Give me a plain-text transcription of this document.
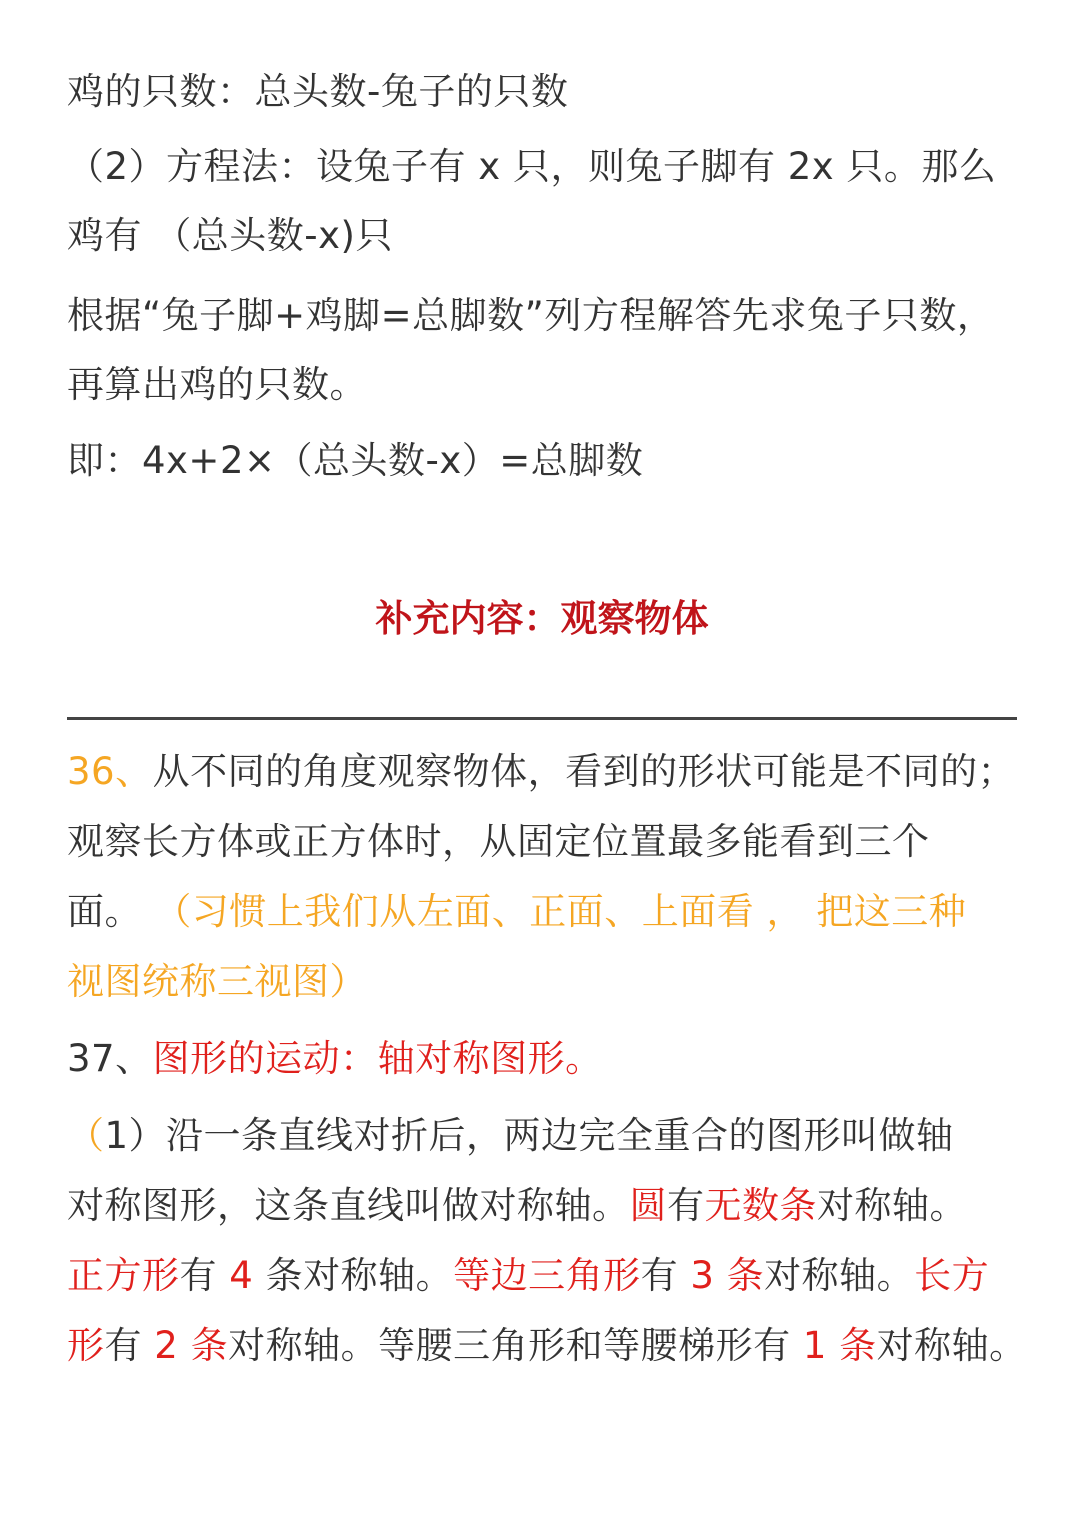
鸡的只数：总头数-兔子的只数
（2）方程法：设兔子有 x 只，则兔子脚有 2x 只。那么
鸡有 （总头数-x)只
根据“兔子脚+鸡脚=总脚数”列方程解答先求兔子只数，
再算出鸡的只数。
即：4x+2×（总头数-x）=总脚数
补充内容：观察物体
36、从不同的角度观察物体，看到的形状可能是不同的；
观察长方体或正方体时，从固定位置最多能看到三个
面。 （习惯上我们从左面、正面、上面看 ， 把这三种
视图统称三视图）
37、图形的运动：轴对称图形。
（1）沿一条直线对折后，两边完全重合的图形叫做轴
对称图形，这条直线叫做对称轴。圆有无数条对称轴。
正方形有 4 条对称轴。等边三角形有 3 条对称轴。长方
形有 2 条对称轴。等腰三角形和等腰梯形有 1 条对称轴。
